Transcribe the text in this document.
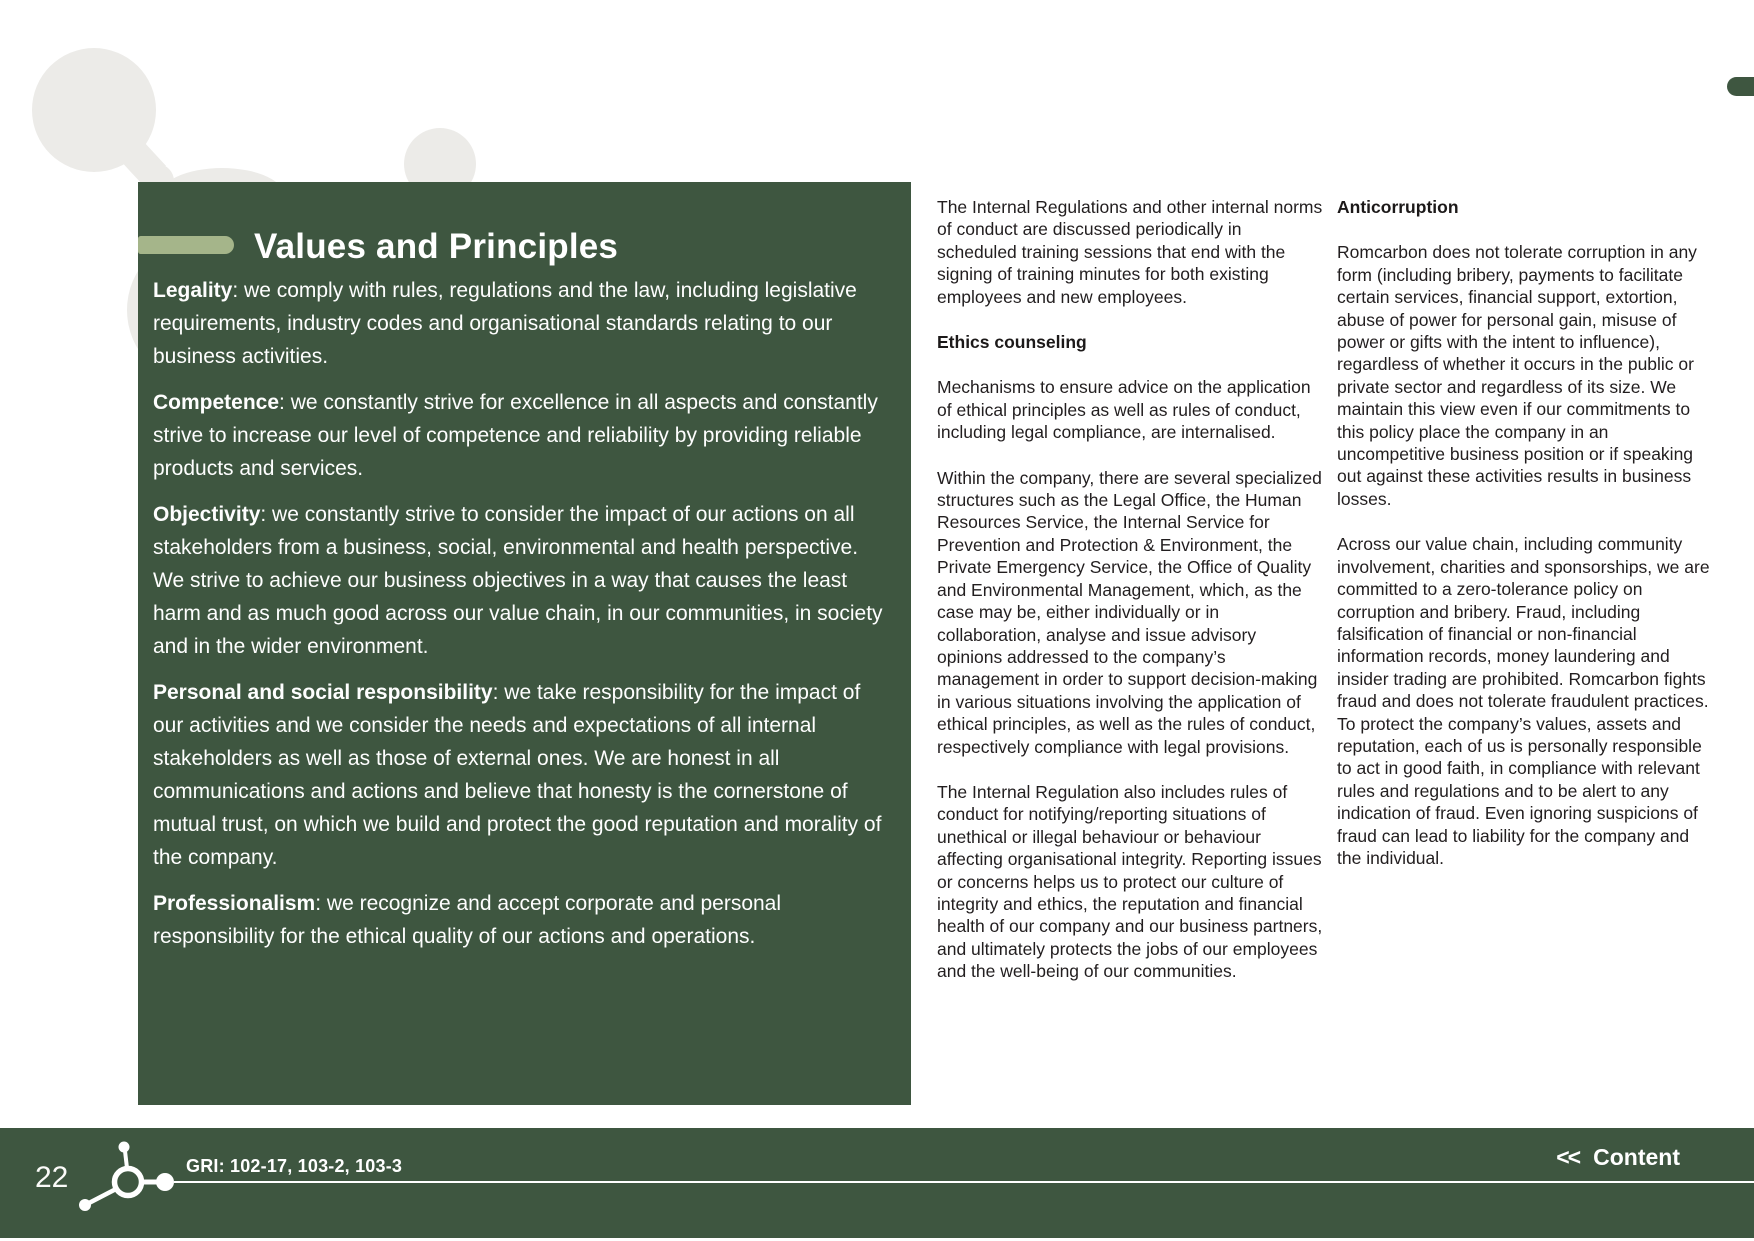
Values and Principles

Legality: we comply with rules, regulations and the law, including legislative requirements, industry codes and organisational standards relating to our business activities.

Competence: we constantly strive for excellence in all aspects and constantly strive to increase our level of competence and reliability by providing reliable products and services.

Objectivity: we constantly strive to consider the impact of our actions on all stakeholders from a business, social, environmental and health perspective. We strive to achieve our business objectives in a way that causes the least harm and as much good across our value chain, in our communities, in society and in the wider environment.

Personal and social responsibility: we take responsibility for the impact of our activities and we consider the needs and expectations of all internal stakeholders as well as those of external ones. We are honest in all communications and actions and believe that honesty is the cornerstone of mutual trust, on which we build and protect the good reputation and morality of the company.

Professionalism: we recognize and accept corporate and personal responsibility for the ethical quality of our actions and operations.

The Internal Regulations and other internal norms of conduct are discussed periodically in scheduled training sessions that end with the signing of training minutes for both existing employees and new employees.

Ethics counseling

Mechanisms to ensure advice on the application of ethical principles as well as rules of conduct, including legal compliance, are internalised.

Within the company, there are several specialized structures such as the Legal Office, the Human Resources Service, the Internal Service for Prevention and Protection & Environment, the Private Emergency Service, the Office of Quality and Environmental Management, which, as the case may be, either individually or in collaboration, analyse and issue advisory opinions addressed to the company’s management in order to support decision-making in various situations involving the application of ethical principles, as well as the rules of conduct, respectively compliance with legal provisions.

The Internal Regulation also includes rules of conduct for notifying/reporting situations of unethical or illegal behaviour or behaviour affecting organisational integrity. Reporting issues or concerns helps us to protect our culture of integrity and ethics, the reputation and financial health of our company and our business partners, and ultimately protects the jobs of our employees and the well-being of our communities.

Anticorruption

Romcarbon does not tolerate corruption in any form (including bribery, payments to facilitate certain services, financial support, extortion, abuse of power for personal gain, misuse of power or gifts with the intent to influence), regardless of whether it occurs in the public or private sector and regardless of its size. We maintain this view even if our commitments to this policy place the company in an uncompetitive business position or if speaking out against these activities results in business losses.

Across our value chain, including community involvement, charities and sponsorships, we are committed to a zero-tolerance policy on corruption and bribery. Fraud, including falsification of financial or non-financial information records, money laundering and insider trading are prohibited. Romcarbon fights fraud and does not tolerate fraudulent practices. To protect the company’s values, assets and reputation, each of us is personally responsible to act in good faith, in compliance with relevant rules and regulations and to be alert to any indication of fraud. Even ignoring suspicions of fraud can lead to liability for the company and the individual.

22	GRI: 102-17, 103-2, 103-3	<< Content
